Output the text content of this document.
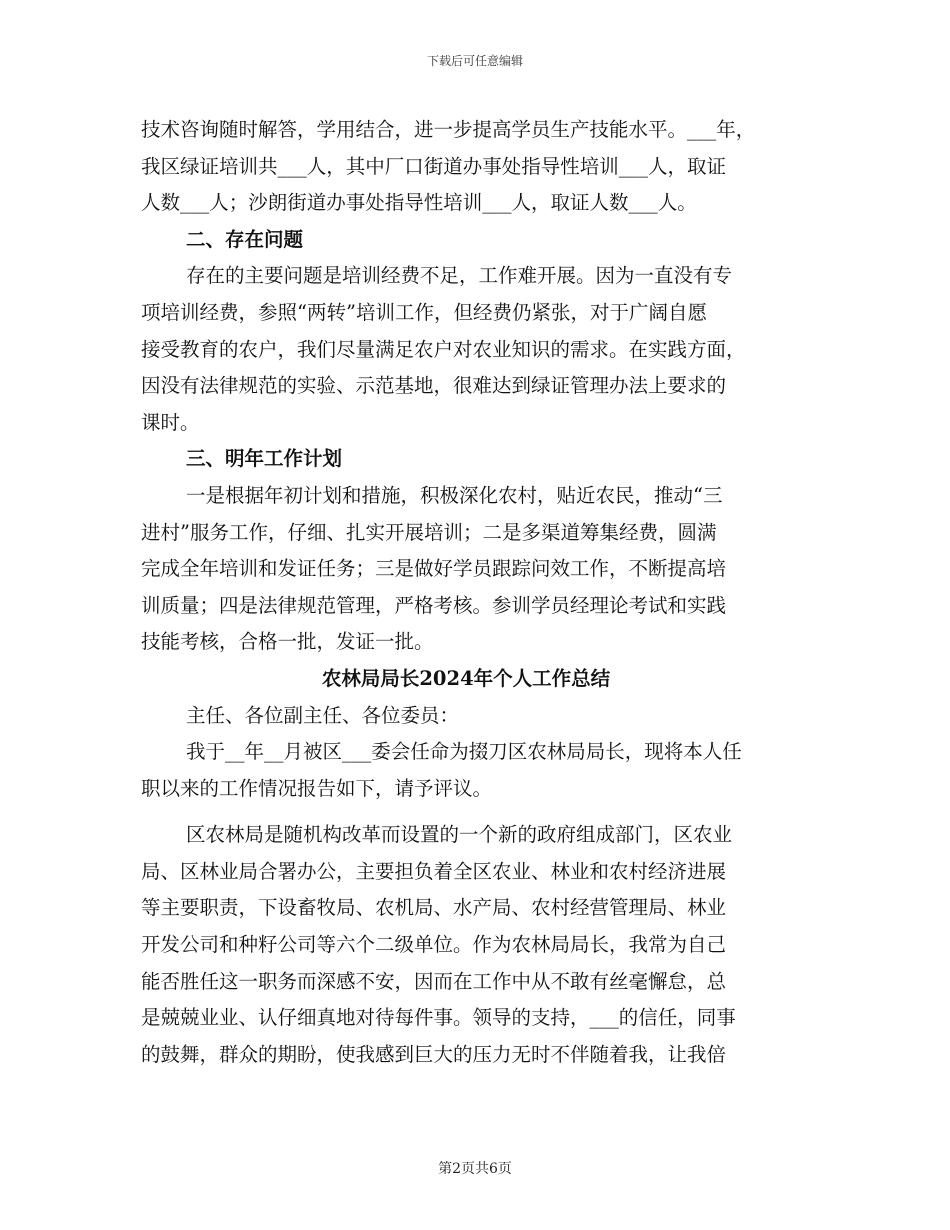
下载后可任意编辑
技术咨询随时解答，学用结合，进一步提高学员生产技能水平。___年，
我区绿证培训共___人，其中厂口街道办事处指导性培训___人，取证
人数___人；沙朗街道办事处指导性培训___人，取证人数___人。
二、存在问题
存在的主要问题是培训经费不足，工作难开展。因为一直没有专
项培训经费，参照“两转”培训工作，但经费仍紧张，对于广阔自愿
接受教育的农户，我们尽量满足农户对农业知识的需求。在实践方面，
因没有法律规范的实验、示范基地，很难达到绿证管理办法上要求的
课时。
三、明年工作计划
一是根据年初计划和措施，积极深化农村，贴近农民，推动“三
进村”服务工作，仔细、扎实开展培训；二是多渠道筹集经费，圆满
完成全年培训和发证任务；三是做好学员跟踪问效工作，不断提高培
训质量；四是法律规范管理，严格考核。参训学员经理论考试和实践
技能考核，合格一批，发证一批。
农林局局长2024年个人工作总结
主任、各位副主任、各位委员：
我于__年__月被区___委会任命为掇刀区农林局局长，现将本人任
职以来的工作情况报告如下，请予评议。
区农林局是随机构改革而设置的一个新的政府组成部门，区农业
局、区林业局合署办公，主要担负着全区农业、林业和农村经济进展
等主要职责，下设畜牧局、农机局、水产局、农村经营管理局、林业
开发公司和种籽公司等六个二级单位。作为农林局局长，我常为自己
能否胜任这一职务而深感不安，因而在工作中从不敢有丝毫懈怠，总
是兢兢业业、认仔细真地对待每件事。领导的支持，___的信任，同事
的鼓舞，群众的期盼，使我感到巨大的压力无时不伴随着我，让我倍
第2页共6页
